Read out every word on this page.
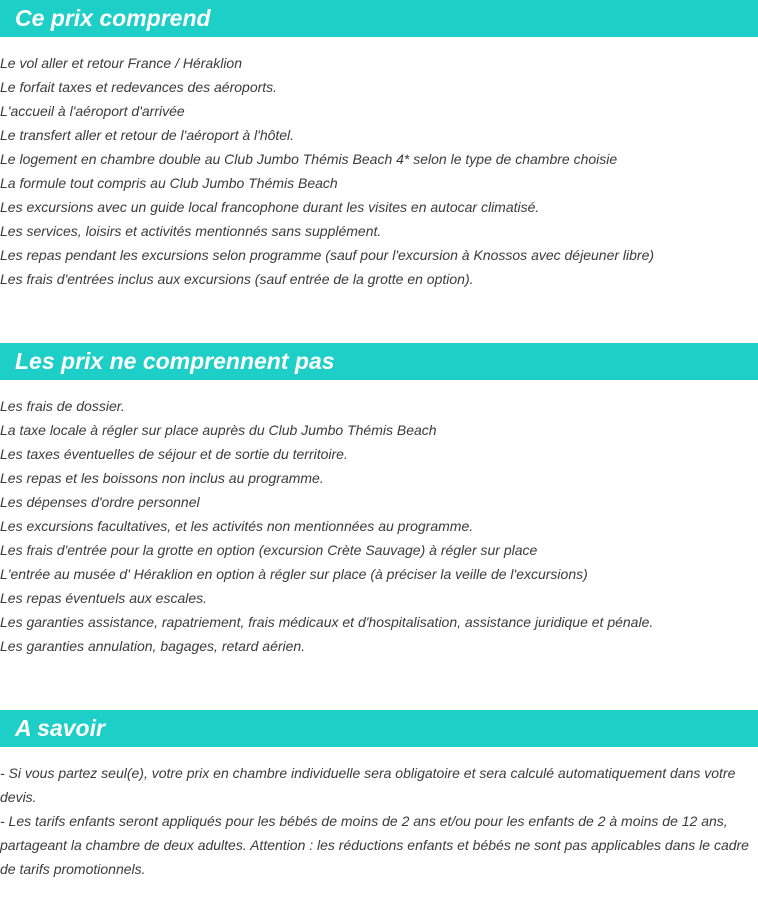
Ce prix comprend
Le vol aller et retour France / Héraklion
Le forfait taxes et redevances des aéroports.
L'accueil à l'aéroport d'arrivée
Le transfert aller et retour de l'aéroport à l'hôtel.
Le logement en chambre double au Club Jumbo Thémis Beach 4* selon le type de chambre choisie
La formule tout compris au Club Jumbo Thémis Beach
Les excursions avec un guide local francophone durant les visites en autocar climatisé.
Les services, loisirs et activités mentionnés sans supplément.
Les repas pendant les excursions selon programme (sauf pour l'excursion à Knossos avec déjeuner libre)
Les frais d'entrées inclus aux excursions (sauf entrée de la grotte en option).
Les prix ne comprennent pas
Les frais de dossier.
La taxe locale à régler sur place auprès du Club Jumbo Thémis Beach
Les taxes éventuelles de séjour et de sortie du territoire.
Les repas et les boissons non inclus au programme.
Les dépenses d'ordre personnel
Les excursions facultatives, et les activités non mentionnées au programme.
Les frais d'entrée pour la grotte en option (excursion Crète Sauvage) à régler sur place
L'entrée au musée d' Héraklion en option à régler sur place (à préciser la veille de l'excursions)
Les repas éventuels aux escales.
Les garanties assistance, rapatriement, frais médicaux et d'hospitalisation, assistance juridique et pénale.
Les garanties annulation, bagages, retard aérien.
A savoir
- Si vous partez seul(e), votre prix en chambre individuelle sera obligatoire et sera calculé automatiquement dans votre devis.
- Les tarifs enfants seront appliqués pour les bébés de moins de 2 ans et/ou pour les enfants de 2 à moins de 12 ans, partageant la chambre de deux adultes. Attention : les réductions enfants et bébés ne sont pas applicables dans le cadre de tarifs promotionnels.
